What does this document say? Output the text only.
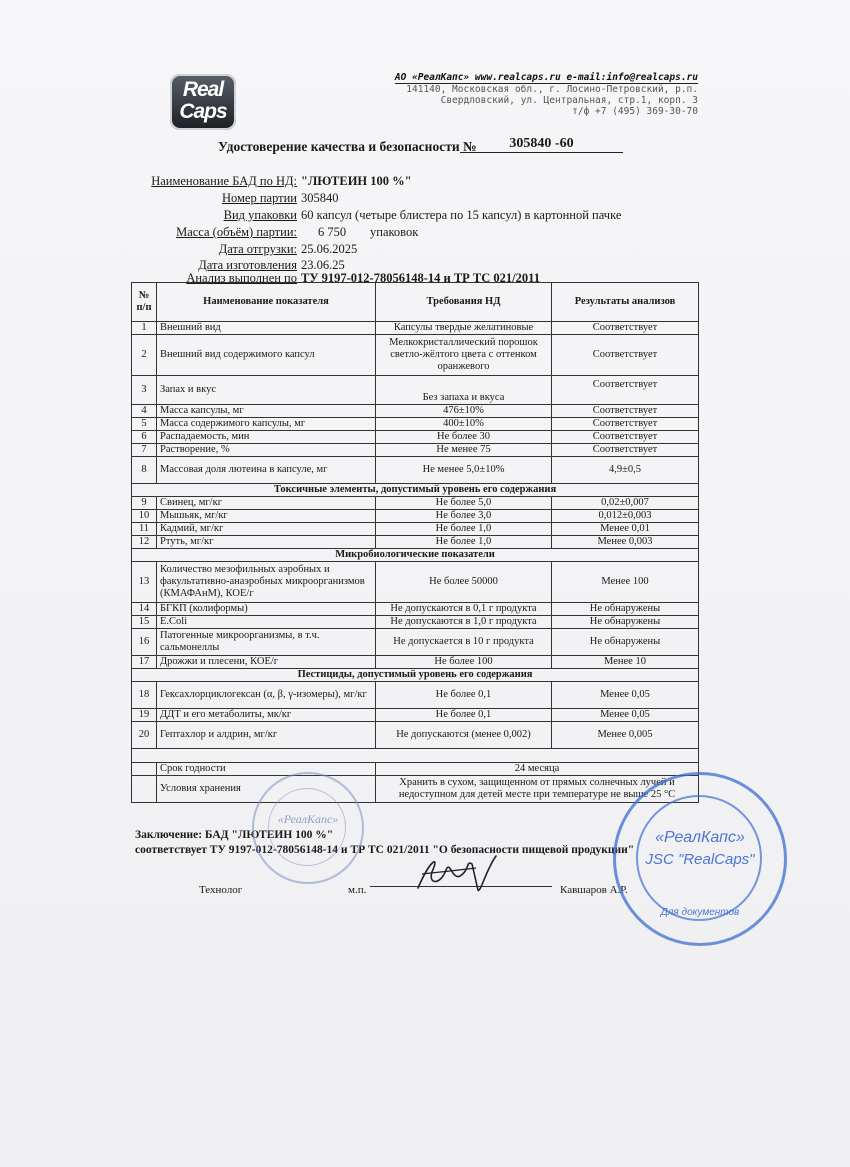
Real
Caps
АО «РеалКапс» www.realcaps.ru e-mail:info@realcaps.ru
141140, Московская обл., г. Лосино-Петровский, р.п.
Свердловский, ул. Центральная, стр.1, корп. 3
т/ф +7 (495) 369-30-70
Удостоверение качества и безопасности №	305840 -60
Наименование БАД по НД: "ЛЮТЕИН 100 %"
Номер партии 305840
Вид упаковки 60 капсул (четыре блистера по 15 капсул) в картонной пачке
Масса (объём) партии: 6 750 упаковок
Дата отгрузки: 25.06.2025
Дата изготовления 23.06.25
Анализ выполнен по ТУ 9197-012-78056148-14 и ТР ТС 021/2011
№ п/п	Наименование показателя	Требования НД	Результаты анализов
1	Внешний вид	Капсулы твердые желатиновые	Соответствует
2	Внешний вид содержимого капсул	Мелкокристаллический порошок светло-жёлтого цвета с оттенком оранжевого	Соответствует
3	Запах и вкус	Без запаха и вкуса	Соответствует
4	Масса капсулы, мг	476±10%	Соответствует
5	Масса содержимого капсулы, мг	400±10%	Соответствует
6	Распадаемость, мин	Не более 30	Соответствует
7	Растворение, %	Не менее 75	Соответствует
8	Массовая доля лютеина в капсуле, мг	Не менее 5,0±10%	4,9±0,5
Токсичные элементы, допустимый уровень его содержания			
9	Свинец, мг/кг	Не более 5,0	0,02±0,007
10	Мышьяк, мг/кг	Не более 3,0	0,012±0,003
11	Кадмий, мг/кг	Не более 1,0	Менее 0,01
12	Ртуть, мг/кг	Не более 1,0	Менее 0,003
Микробиологические показатели			
13	Количество мезофильных аэробных и факультативно-анаэробных микроорганизмов (КМАФАнМ), КОЕ/г	Не более 50000	Менее 100
14	БГКП (колиформы)	Не допускаются в 0,1 г продукта	Не обнаружены
15	E.Coli	Не допускаются в 1,0 г продукта	Не обнаружены
16	Патогенные микроорганизмы, в т.ч. сальмонеллы	Не допускается в 10 г продукта	Не обнаружены
17	Дрожжи и плесени, КОЕ/г	Не более 100	Менее 10
Пестициды, допустимый уровень его содержания			
18	Гексахлорциклогексан (α, β, γ-изомеры), мг/кг	Не более 0,1	Менее 0,05
19	ДДТ и его метаболиты, мк/кг	Не более 0,1	Менее 0,05
20	Гептахлор и алдрин, мг/кг	Не допускаются (менее 0,002)	Менее 0,005

	Срок годности	24 месяца	
	Условия хранения	Хранить в сухом, защищенном от прямых солнечных лучей и недоступном для детей месте при температуре не выше 25 °С	
Заключение: БАД "ЛЮТЕИН 100 %"
соответствует ТУ 9197-012-78056148-14 и ТР ТС 021/2011 "О безопасности пищевой продукции"
Технолог	м.п.	Кавшаров А.Р.
«РеалКапс»
«РеалКапс»
JSC "RealCaps"
Для документов
